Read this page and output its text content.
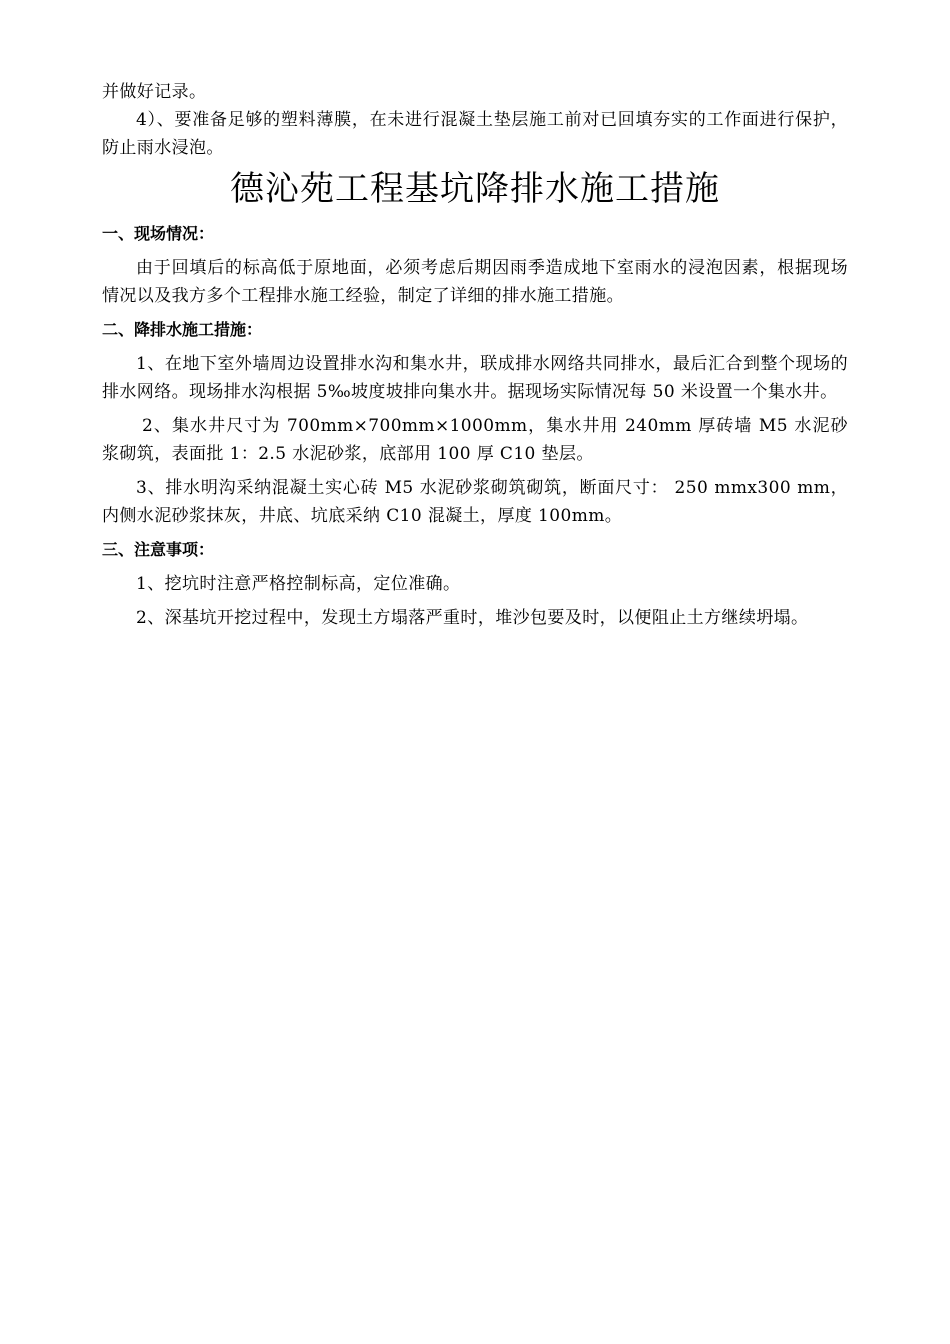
并做好记录。

4）、要准备足够的塑料薄膜，在未进行混凝土垫层施工前对已回填夯实的工作面进行保护，防止雨水浸泡。

德沁苑工程基坑降排水施工措施
一、现场情况：

由于回填后的标高低于原地面，必须考虑后期因雨季造成地下室雨水的浸泡因素，根据现场情况以及我方多个工程排水施工经验，制定了详细的排水施工措施。

二、降排水施工措施：

1、在地下室外墙周边设置排水沟和集水井，联成排水网络共同排水，最后汇合到整个现场的排水网络。现场排水沟根据 5‰坡度坡排向集水井。据现场实际情况每 50 米设置一个集水井。

2、集水井尺寸为 700mm×700mm×1000mm，集水井用 240mm 厚砖墙 M5 水泥砂浆砌筑，表面批 1：2.5 水泥砂浆，底部用 100 厚 C10 垫层。

3、排水明沟采纳混凝土实心砖 M5 水泥砂浆砌筑砌筑，断面尺寸： 250 mmx300 mm，内侧水泥砂浆抹灰，井底、坑底采纳 C10 混凝土，厚度 100mm。

三、注意事项：

1、挖坑时注意严格控制标高，定位准确。

2、深基坑开挖过程中，发现土方塌落严重时，堆沙包要及时，以便阻止土方继续坍塌。
